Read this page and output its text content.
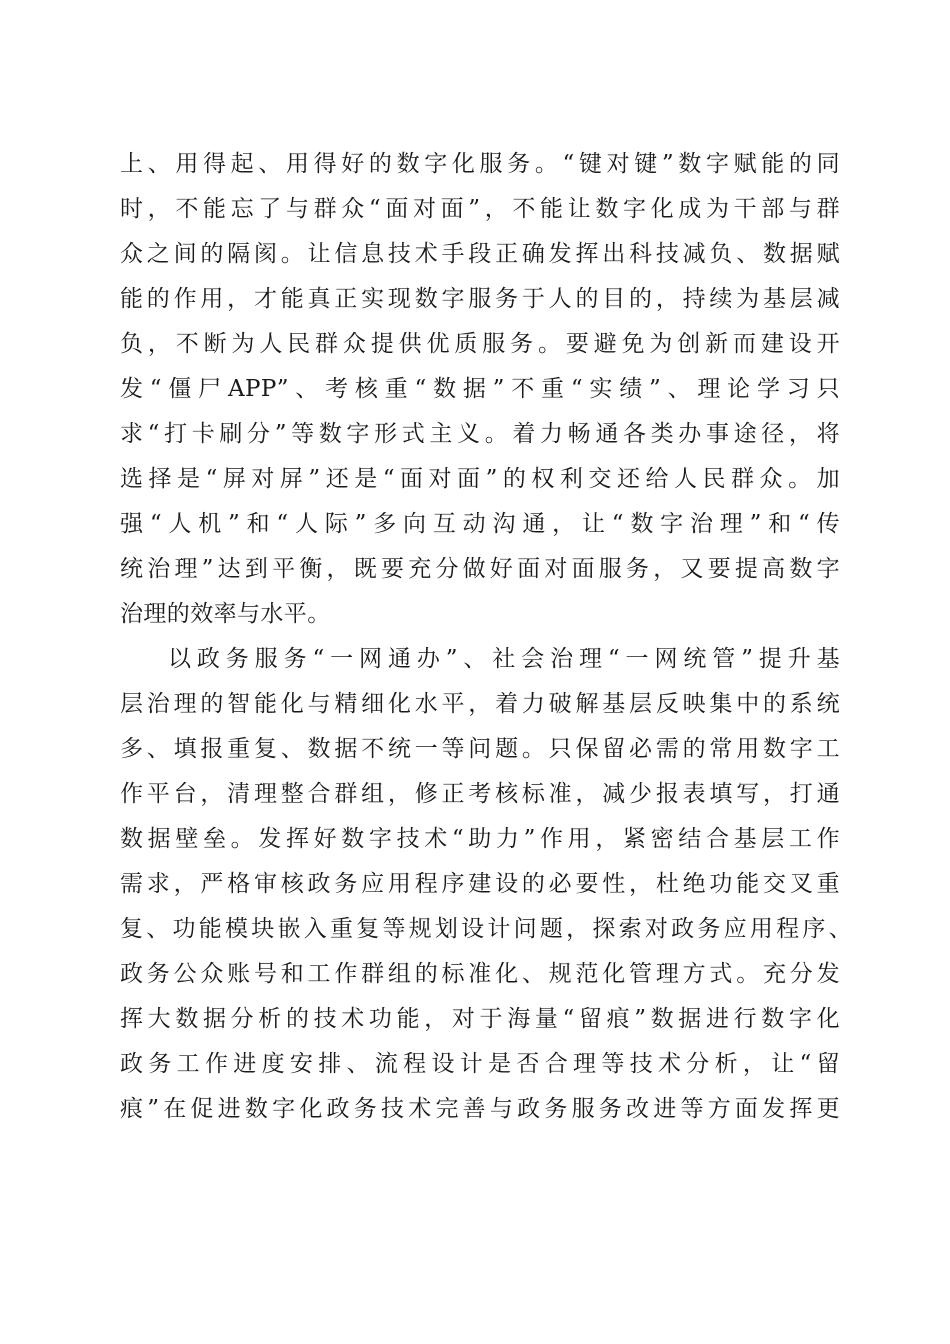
上、用得起、用得好的数字化服务。“键对键”数字赋能的同
时，不能忘了与群众“面对面”，不能让数字化成为干部与群
众之间的隔阂。让信息技术手段正确发挥出科技减负、数据赋
能的作用，才能真正实现数字服务于人的目的，持续为基层减
负，不断为人民群众提供优质服务。要避免为创新而建设开
发“僵尸APP”、考核重“数据”不重“实绩”、理论学习只
求“打卡刷分”等数字形式主义。着力畅通各类办事途径，将
选择是“屏对屏”还是“面对面”的权利交还给人民群众。加
强“人机”和“人际”多向互动沟通，让“数字治理”和“传
统治理”达到平衡，既要充分做好面对面服务，又要提高数字
治理的效率与水平。
以政务服务“一网通办”、社会治理“一网统管”提升基
层治理的智能化与精细化水平，着力破解基层反映集中的系统
多、填报重复、数据不统一等问题。只保留必需的常用数字工
作平台，清理整合群组，修正考核标准，减少报表填写，打通
数据壁垒。发挥好数字技术“助力”作用，紧密结合基层工作
需求，严格审核政务应用程序建设的必要性，杜绝功能交叉重
复、功能模块嵌入重复等规划设计问题，探索对政务应用程序、
政务公众账号和工作群组的标准化、规范化管理方式。充分发
挥大数据分析的技术功能，对于海量“留痕”数据进行数字化
政务工作进度安排、流程设计是否合理等技术分析，让“留
痕”在促进数字化政务技术完善与政务服务改进等方面发挥更
